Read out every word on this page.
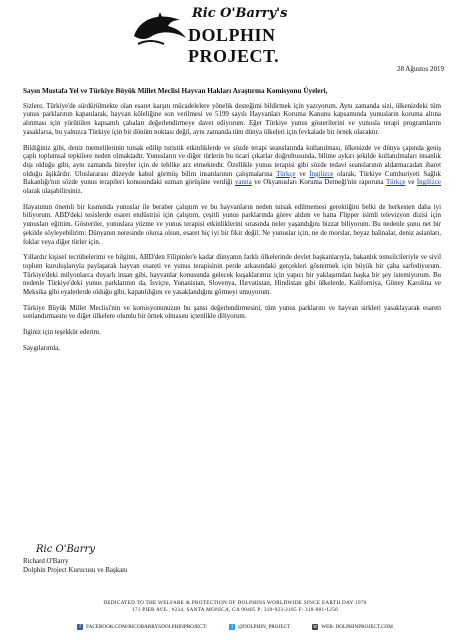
Ric O'Barry's
DOLPHIN PROJECT.
28 Ağustos 2019

Sayın Mustafa Yel ve Türkiye Büyük Millet Meclisi Hayvan Hakları Araştırma Komisyonu Üyeleri,

Sizlere, Türkiye'de sürdürülmekte olan esaret karşıtı mücadelelere yönelik desteğimi bildirmek için yazıyorum. Aynı zamanda sizi, ülkenizdeki tüm yunus parklarının kapatılarak, hayvan köleliğine son verilmesi ve 5199 sayılı Hayvanları Koruma Kanunu kapsamında yunusların koruma altına alınması için yürütülen kapsamlı çabaları değerlendirmeye davet ediyorum. Eğer Türkiye yunus gösterilerini ve yunusla terapi programlarını yasaklarsa, bu yalnızca Türkiye için bir dönüm noktası değil, aynı zamanda tüm dünya ülkeleri için fevkalade bir örnek olacaktır.

Bildiğiniz gibi, deniz memelilerinin tutsak edilip turistik etkinliklerde ve sözde terapi seanslarında kullanılması, ülkenizde ve dünya çapında geniş çaplı toplumsal tepkilere neden olmaktadır. Yunusların ve diğer türlerin bu ticari çıkarlar doğrultusunda, bilime aykırı şekilde kullanılmaları insanlık dışı olduğu gibi, aynı zamanda bireyler için de tehlike arz etmektedir. Özellikle yunus terapisi gibi sözde tedavi seanslarının aldatmacadan ibaret olduğu âşikârdır. Uluslararası düzeyde kabul görmüş bilim insanlarının çalışmalarına Türkçe ve İngilizce olarak, Türkiye Cumhuriyeti Sağlık Bakanlığı'nın sözde yunus terapileri konusundaki uzman görüşüne verdiği yanıta ve Okyanusları Koruma Derneği'nin raporuna Türkçe ve İngilizce olarak ulaşabilirsiniz.

Hayatımın önemli bir kısmında yunuslar ile beraber çalıştım ve bu hayvanların neden tutsak edilmemesi gerektiğini belki de herkesten daha iyi biliyorum. ABD'deki tesislerde esaret endüstrisi için çalıştım, çeşitli yunus parklarında görev aldım ve hatta Flipper isimli televizyon dizisi için yunusları eğittim. Gösteriler, yunuslara yüzme ve yunus terapisi etkinliklerini sırasında neler yaşandığını bizzat biliyorum. Bu nedenle şunu net bir şekilde söyleyebilirim: Dünyanın neresinde olursa olsun, esaret hiç iyi bir fikir değil. Ne yunuslar için, ne de morslar, beyaz balinalar, deniz aslanları, foklar veya diğer türler için.

Yıllardır kişisel tecrübelerimi ve bilgimi, ABD'den Filipinler'e kadar dünyanın farklı ülkelerinde devlet başkanlarıyla, bakanlık temsilcileriyle ve sivil toplum kuruluşlarıyla paylaşarak hayvan esareti ve yunus terapisinin perde arkasındaki gerçekleri göstermek için büyük bir çaba sarfediyorum. Türkiye'deki milyonlarca duyarlı insan gibi, hayvanlar konusunda gelecek kuşaklarımız için yapıcı bir yaklaşımdan başka bir şey istemiyorum. Bu nedenle Türkiye'deki yunus parklarının da, İsviçre, Yunanistan, Slovenya, Hırvatistan, Hindistan gibi ülkelerde, Kaliforniya, Güney Karolina ve Meksika gibi eyaletlerde olduğu gibi, kapatıldığını ve yasaklandığını görmeyi umuyorum.

Türkiye Büyük Millet Meclisi'nin ve komisyonunuzun bu şansı değerlendirmesini, tüm yunus parklarını ve hayvan sirkleri yasaklayarak esareti sonlandırmasını ve diğer ülkelere olumlu bir örnek olmasını içtenlikle diliyorum.

İlginiz için teşekkür ederim.

Saygılarımla,

Ric O'Barry
Richard O'Barry
Dolphin Project Kurucusu ve Başkanı
DEDICATED TO THE WELFARE & PROTECTION OF DOLPHINS WORLDWIDE SINCE EARTH DAY 1970
171 PIER AVE., #234, SANTA MONICA, CA 90405 P: 310-923-2185 F: 310-881-1256
f	FACEBOOK.COM/RICOBARRYSDOLPHINPROJECT/	t	@DOLPHIN_PROJECT	w WEB: DOLPHINPROJECT.COM
